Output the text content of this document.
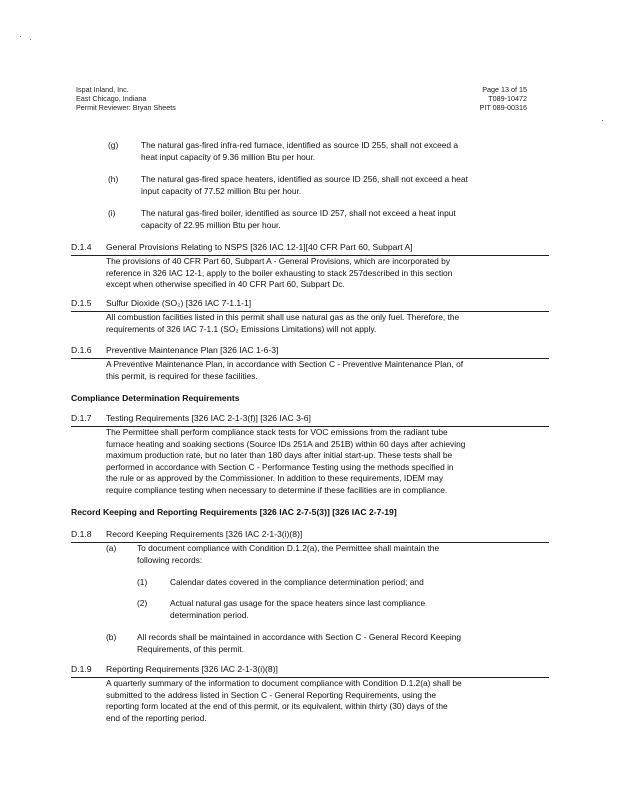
Ispat Inland, Inc.
East Chicago, Indiana
Permit Reviewer: Bryan Sheets
Page 13 of 15
T089-10472
PIT 089-00316
(g)	The natural gas-fired infra-red furnace, identified as source ID 255, shall not exceed a
heat input capacity of 9.36 million Btu per hour.
(h)	The natural gas-fired space heaters, identified as source ID 256, shall not exceed a heat
input capacity of 77.52 million Btu per hour.
(i)	The natural gas-fired boiler, identified as source ID 257, shall not exceed a heat input
capacity of 22.95 million Btu per hour.
D.1.4 General Provisions Relating to NSPS [326 IAC 12-1][40 CFR Part 60, Subpart A]
The provisions of 40 CFR Part 60, Subpart A - General Provisions, which are incorporated by
reference in 326 IAC 12-1, apply to the boiler exhausting to stack 257described in this section
except when otherwise specified in 40 CFR Part 60, Subpart Dc.
D.1.5 Sulfur Dioxide (SO₂) [326 IAC 7-1.1-1]
All combustion facilities listed in this permit shall use natural gas as the only fuel. Therefore, the
requirements of 326 IAC 7-1.1 (SO₂ Emissions Limitations) will not apply.
D.1.6 Preventive Maintenance Plan [326 IAC 1-6-3]
A Preventive Maintenance Plan, in accordance with Section C - Preventive Maintenance Plan, of
this permit, is required for these facilities.
Compliance Determination Requirements
D.1.7 Testing Requirements [326 IAC 2-1-3(f)] [326 IAC 3-6]
The Permittee shall perform compliance stack tests for VOC emissions from the radiant tube
furnace heating and soaking sections (Source IDs 251A and 251B) within 60 days after achieving
maximum production rate, but no later than 180 days after initial start-up. These tests shall be
performed in accordance with Section C - Performance Testing using the methods specified in
the rule or as approved by the Commissioner. In addition to these requirements, IDEM may
require compliance testing when necessary to determine if these facilities are in compliance.
Record Keeping and Reporting Requirements [326 IAC 2-7-5(3)] [326 IAC 2-7-19]
D.1.8 Record Keeping Requirements [326 IAC 2-1-3(i)(8)]
(a) To document compliance with Condition D.1.2(a), the Permittee shall maintain the
following records:
(1)	Calendar dates covered in the compliance determination period; and
(2)	Actual natural gas usage for the space heaters since last compliance
determination period.
(b) All records shall be maintained in accordance with Section C - General Record Keeping
Requirements, of this permit.
D.1.9 Reporting Requirements [326 IAC 2-1-3(i)(8)]
A quarterly summary of the information to document compliance with Condition D.1.2(a) shall be
submitted to the address listed in Section C - General Reporting Requirements, using the
reporting form located at the end of this permit, or its equivalent, within thirty (30) days of the
end of the reporting period.
